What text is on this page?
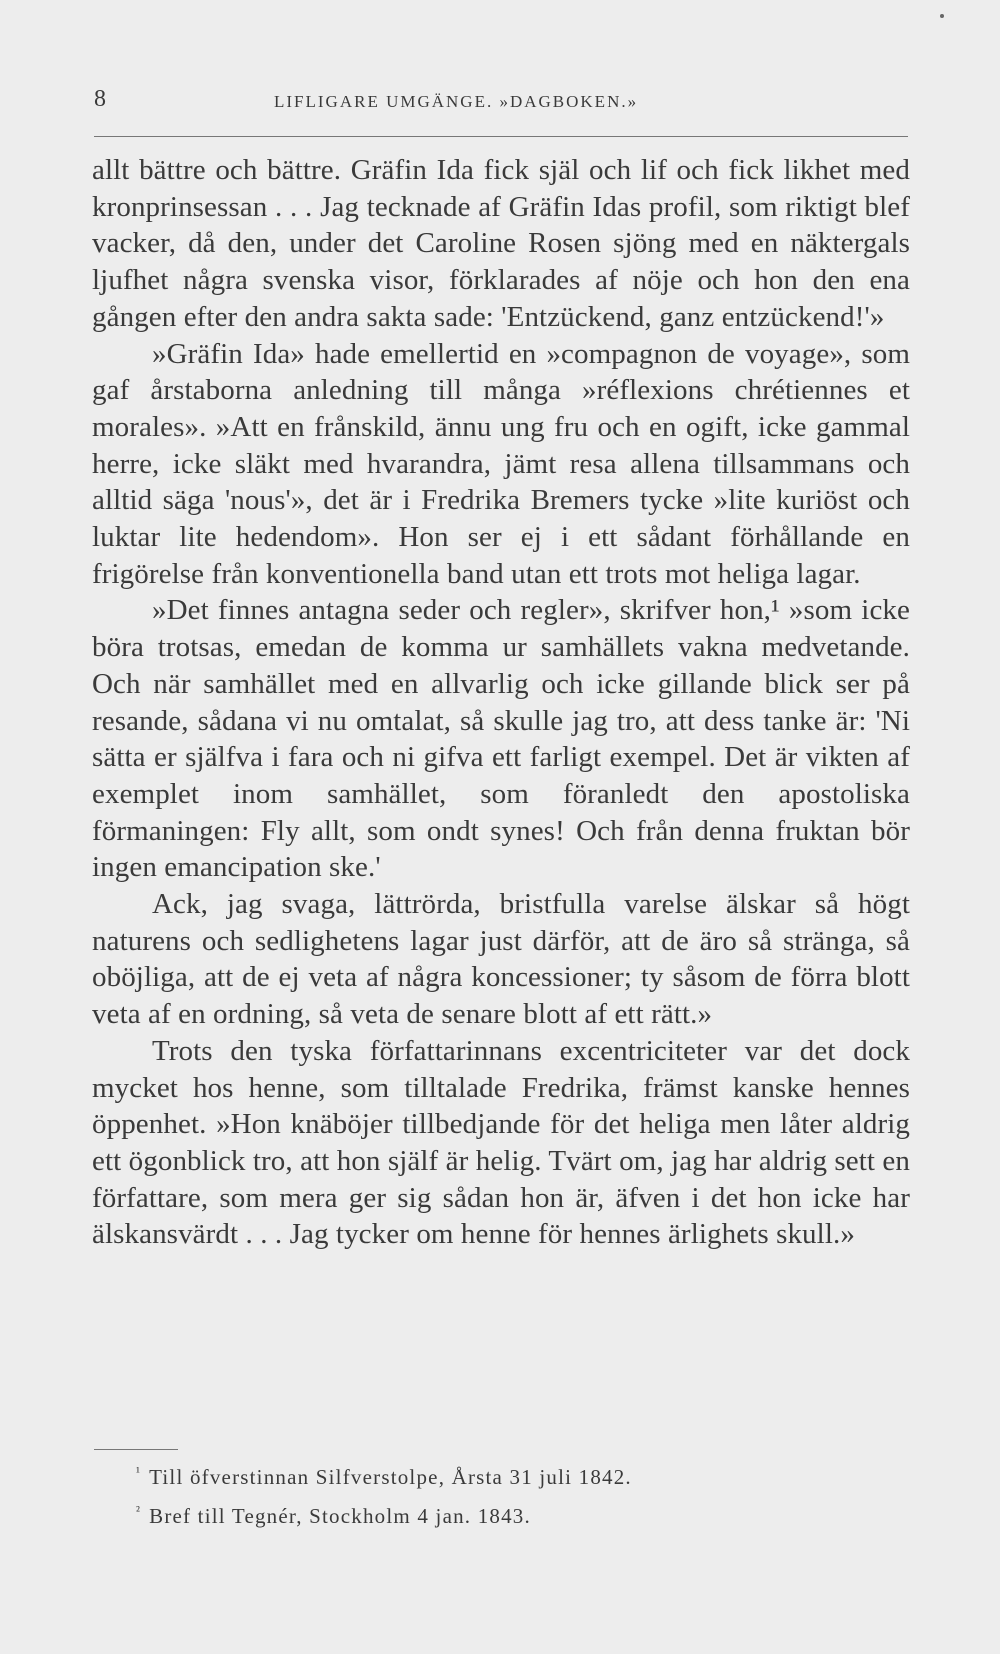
8	LIFLIGARE UMGÄNGE. »DAGBOKEN.»

allt bättre och bättre. Gräfin Ida fick själ och lif och fick likhet med kronprinsessan . . . Jag tecknade af Gräfin Idas profil, som riktigt blef vacker, då den, under det Caroline Rosen sjöng med en näktergals ljufhet några svenska visor, förklarades af nöje och hon den ena gången efter den andra sakta sade: 'Entzückend, ganz entzückend!'»

»Gräfin Ida» hade emellertid en »compagnon de voyage», som gaf årstaborna anledning till många »réflexions chrétiennes et morales». »Att en frånskild, ännu ung fru och en ogift, icke gammal herre, icke släkt med hvarandra, jämt resa allena tillsammans och alltid säga 'nous'», det är i Fredrika Bremers tycke »lite kuriöst och luktar lite hedendom». Hon ser ej i ett sådant förhållande en frigörelse från konventionella band utan ett trots mot heliga lagar.

»Det finnes antagna seder och regler», skrifver hon,¹ »som icke böra trotsas, emedan de komma ur samhällets vakna medvetande. Och när samhället med en allvarlig och icke gillande blick ser på resande, sådana vi nu omtalat, så skulle jag tro, att dess tanke är: 'Ni sätta er själfva i fara och ni gifva ett farligt exempel. Det är vikten af exemplet inom samhället, som föranledt den apostoliska förmaningen: Fly allt, som ondt synes! Och från denna fruktan bör ingen emancipation ske.'

Ack, jag svaga, lättrörda, bristfulla varelse älskar så högt naturens och sedlighetens lagar just därför, att de äro så stränga, så oböjliga, att de ej veta af några koncessioner; ty såsom de förra blott veta af en ordning, så veta de senare blott af ett rätt.»

Trots den tyska författarinnans excentriciteter var det dock mycket hos henne, som tilltalade Fredrika, främst kanske hennes öppenhet. »Hon knäböjer tillbedjande för det heliga men låter aldrig ett ögonblick tro, att hon själf är helig. Tvärt om, jag har aldrig sett en författare, som mera ger sig sådan hon är, äfven i det hon icke har älskansvärdt . . . Jag tycker om henne för hennes ärlighets skull.»

$^{^1}$ Till öfverstinnan Silfverstolpe, Årsta 31 juli 1842.
$^{^2}$ Bref till Tegnér, Stockholm 4 jan. 1843.
